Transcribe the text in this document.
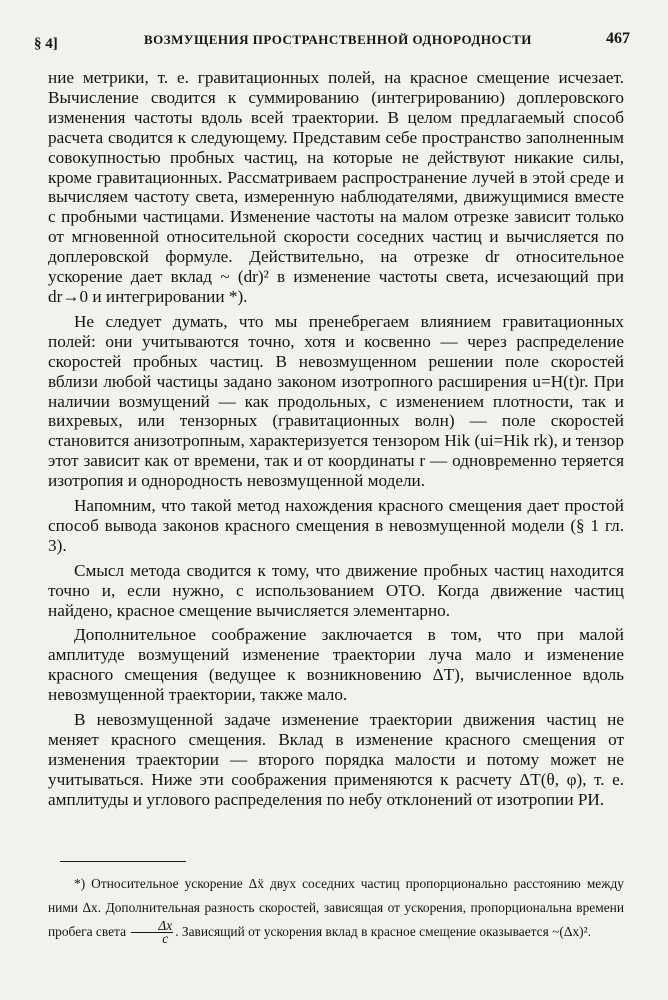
§ 4]	ВОЗМУЩЕНИЯ ПРОСТРАНСТВЕННОЙ ОДНОРОДНОСТИ	467

ние метрики, т. е. гравитационных полей, на красное смещение исчезает. Вычисление сводится к суммированию (интегрированию) доплеровского изменения частоты вдоль всей траектории. В целом предлагаемый способ расчета сводится к следующему. Представим себе пространство заполненным совокупностью пробных частиц, на которые не действуют никакие силы, кроме гравитационных. Рассматриваем распространение лучей в этой среде и вычисляем частоту света, измеренную наблюдателями, движущимися вместе с пробными частицами. Изменение частоты на малом отрезке зависит только от мгновенной относительной скорости соседних частиц и вычисляется по доплеровской формуле. Действительно, на отрезке dr относительное ускорение дает вклад ~ (dr)² в изменение частоты света, исчезающий при dr→0 и интегрировании *).

Не следует думать, что мы пренебрегаем влиянием гравитационных полей: они учитываются точно, хотя и косвенно — через распределение скоростей пробных частиц. В невозмущенном решении поле скоростей вблизи любой частицы задано законом изотропного расширения u=H(t)r. При наличии возмущений — как продольных, с изменением плотности, так и вихревых, или тензорных (гравитационных волн) — поле скоростей становится анизотропным, характеризуется тензором Hik (ui=Hik rk), и тензор этот зависит как от времени, так и от координаты r — одновременно теряется изотропия и однородность невозмущенной модели.

Напомним, что такой метод нахождения красного смещения дает простой способ вывода законов красного смещения в невозмущенной модели (§ 1 гл. 3).

Смысл метода сводится к тому, что движение пробных частиц находится точно и, если нужно, с использованием ОТО. Когда движение частиц найдено, красное смещение вычисляется элементарно.

Дополнительное соображение заключается в том, что при малой амплитуде возмущений изменение траектории луча мало и изменение красного смещения (ведущее к возникновению ΔT), вычисленное вдоль невозмущенной траектории, также мало.

В невозмущенной задаче изменение траектории движения частиц не меняет красного смещения. Вклад в изменение красного смещения от изменения траектории — второго порядка малости и потому может не учитываться. Ниже эти соображения применяются к расчету ΔT(θ, φ), т. е. амплитуды и углового распределения по небу отклонений от изотропии РИ.

*) Относительное ускорение Δẍ двух соседних частиц пропорционально расстоянию между ними Δx. Дополнительная разность скоростей, зависящая от ускорения, пропорциональна времени пробега света $\frac{\Delta x}{c}$ . Зависящий от ускорения вклад в красное смещение оказывается ~(Δx)².
